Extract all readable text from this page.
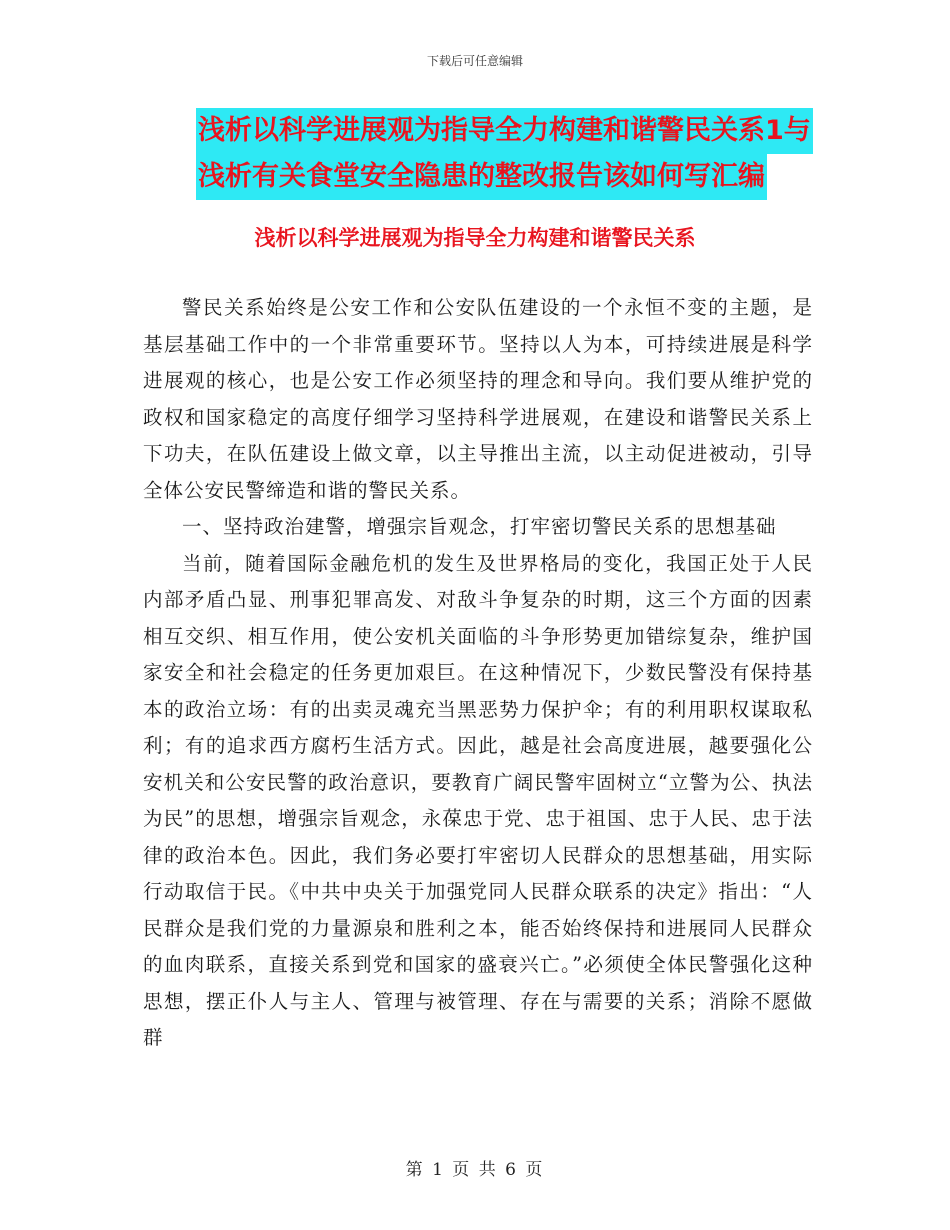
下载后可任意编辑
浅析以科学进展观为指导全力构建和谐警民关系1与
浅析有关食堂安全隐患的整改报告该如何写汇编
浅析以科学进展观为指导全力构建和谐警民关系

警民关系始终是公安工作和公安队伍建设的一个永恒不变的主题，是基层基础工作中的一个非常重要环节。坚持以人为本，可持续进展是科学进展观的核心，也是公安工作必须坚持的理念和导向。我们要从维护党的政权和国家稳定的高度仔细学习坚持科学进展观，在建设和谐警民关系上下功夫，在队伍建设上做文章，以主导推出主流，以主动促进被动，引导全体公安民警缔造和谐的警民关系。

一、坚持政治建警，增强宗旨观念，打牢密切警民关系的思想基础

当前，随着国际金融危机的发生及世界格局的变化，我国正处于人民内部矛盾凸显、刑事犯罪高发、对敌斗争复杂的时期，这三个方面的因素相互交织、相互作用，使公安机关面临的斗争形势更加错综复杂，维护国家安全和社会稳定的任务更加艰巨。在这种情况下，少数民警没有保持基本的政治立场：有的出卖灵魂充当黑恶势力保护伞；有的利用职权谋取私利；有的追求西方腐朽生活方式。因此，越是社会高度进展，越要强化公安机关和公安民警的政治意识，要教育广阔民警牢固树立“立警为公、执法为民”的思想，增强宗旨观念，永葆忠于党、忠于祖国、忠于人民、忠于法律的政治本色。因此，我们务必要打牢密切人民群众的思想基础，用实际行动取信于民。《中共中央关于加强党同人民群众联系的决定》指出：“人民群众是我们党的力量源泉和胜利之本，能否始终保持和进展同人民群众的血肉联系，直接关系到党和国家的盛衰兴亡。”必须使全体民警强化这种思想，摆正仆人与主人、管理与被管理、存在与需要的关系；消除不愿做群

第 1 页 共 6 页
